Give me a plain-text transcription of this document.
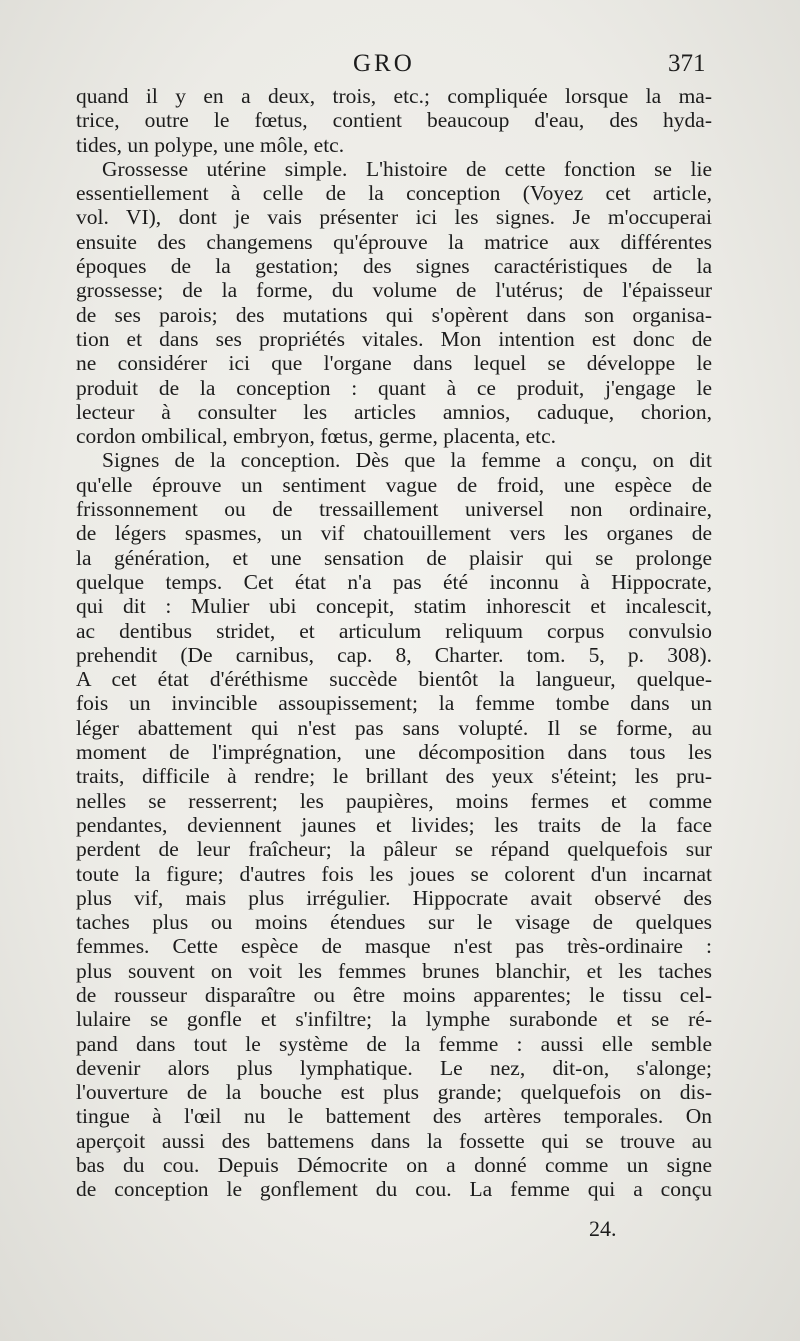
GRO	371
quand il y en a deux, trois, etc.; compliquée lorsque la ma-
trice, outre le fœtus, contient beaucoup d'eau, des hyda-
tides, un polype, une môle, etc.
Grossesse utérine simple. L'histoire de cette fonction se lie
essentiellement à celle de la conception (Voyez cet article,
vol. VI), dont je vais présenter ici les signes. Je m'occuperai
ensuite des changemens qu'éprouve la matrice aux différentes
époques de la gestation; des signes caractéristiques de la
grossesse; de la forme, du volume de l'utérus; de l'épaisseur
de ses parois; des mutations qui s'opèrent dans son organisa-
tion et dans ses propriétés vitales. Mon intention est donc de
ne considérer ici que l'organe dans lequel se développe le
produit de la conception : quant à ce produit, j'engage le
lecteur à consulter les articles amnios, caduque, chorion,
cordon ombilical, embryon, fœtus, germe, placenta, etc.
Signes de la conception. Dès que la femme a conçu, on dit
qu'elle éprouve un sentiment vague de froid, une espèce de
frissonnement ou de tressaillement universel non ordinaire,
de légers spasmes, un vif chatouillement vers les organes de
la génération, et une sensation de plaisir qui se prolonge
quelque temps. Cet état n'a pas été inconnu à Hippocrate,
qui dit : Mulier ubi concepit, statim inhorescit et incalescit,
ac dentibus stridet, et articulum reliquum corpus convulsio
prehendit (De carnibus, cap. 8, Charter. tom. 5, p. 308).
A cet état d'éréthisme succède bientôt la langueur, quelque-
fois un invincible assoupissement; la femme tombe dans un
léger abattement qui n'est pas sans volupté. Il se forme, au
moment de l'imprégnation, une décomposition dans tous les
traits, difficile à rendre; le brillant des yeux s'éteint; les pru-
nelles se resserrent; les paupières, moins fermes et comme
pendantes, deviennent jaunes et livides; les traits de la face
perdent de leur fraîcheur; la pâleur se répand quelquefois sur
toute la figure; d'autres fois les joues se colorent d'un incarnat
plus vif, mais plus irrégulier. Hippocrate avait observé des
taches plus ou moins étendues sur le visage de quelques
femmes. Cette espèce de masque n'est pas très-ordinaire :
plus souvent on voit les femmes brunes blanchir, et les taches
de rousseur disparaître ou être moins apparentes; le tissu cel-
lulaire se gonfle et s'infiltre; la lymphe surabonde et se ré-
pand dans tout le système de la femme : aussi elle semble
devenir alors plus lymphatique. Le nez, dit-on, s'alonge;
l'ouverture de la bouche est plus grande; quelquefois on dis-
tingue à l'œil nu le battement des artères temporales. On
aperçoit aussi des battemens dans la fossette qui se trouve au
bas du cou. Depuis Démocrite on a donné comme un signe
de conception le gonflement du cou. La femme qui a conçu
24.
